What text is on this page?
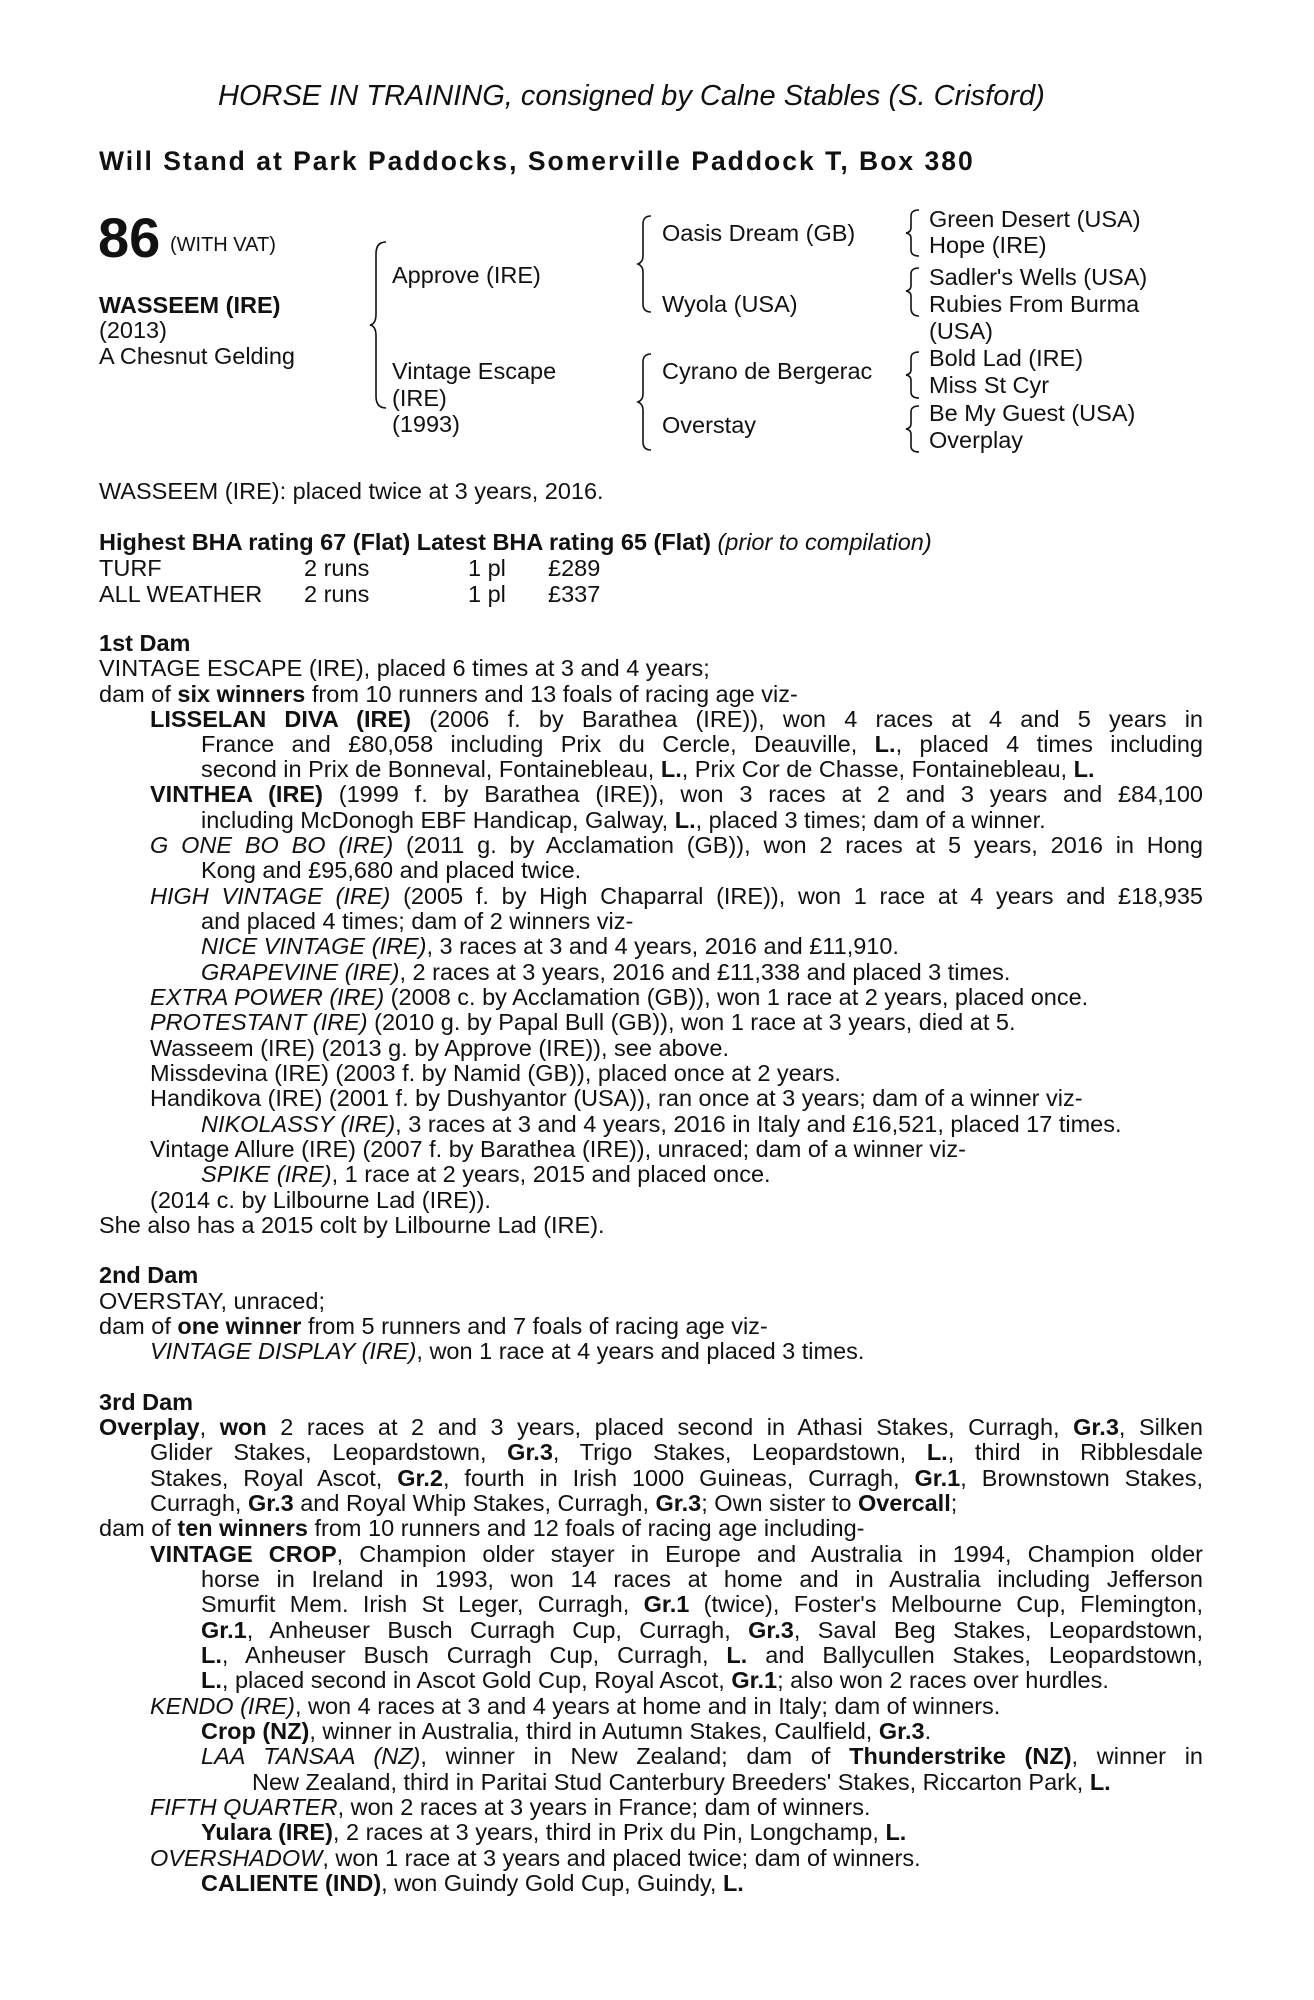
HORSE IN TRAINING, consigned by Calne Stables (S. Crisford)
Will Stand at Park Paddocks, Somerville Paddock T, Box 380
86 (WITH VAT)
WASSEEM (IRE)
(2013)
A Chesnut Gelding
Approve (IRE)
Vintage Escape
(IRE)
(1993)
Oasis Dream (GB)
Wyola (USA)
Cyrano de Bergerac
Overstay
Green Desert (USA)
Hope (IRE)
Sadler's Wells (USA)
Rubies From Burma
(USA)
Bold Lad (IRE)
Miss St Cyr
Be My Guest (USA)
Overplay
WASSEEM (IRE): placed twice at 3 years, 2016.
Highest BHA rating 67 (Flat) Latest BHA rating 65 (Flat) (prior to compilation)
TURF	2 runs	1 pl £289
ALL WEATHER 2 runs	1 pl £337
1st Dam
VINTAGE ESCAPE (IRE), placed 6 times at 3 and 4 years;
dam of six winners from 10 runners and 13 foals of racing age viz-
LISSELAN DIVA (IRE) (2006 f. by Barathea (IRE)), won 4 races at 4 and 5 years in
France and £80,058 including Prix du Cercle, Deauville, L., placed 4 times including
second in Prix de Bonneval, Fontainebleau, L., Prix Cor de Chasse, Fontainebleau, L.
VINTHEA (IRE) (1999 f. by Barathea (IRE)), won 3 races at 2 and 3 years and £84,100
including McDonogh EBF Handicap, Galway, L., placed 3 times; dam of a winner.
G ONE BO BO (IRE) (2011 g. by Acclamation (GB)), won 2 races at 5 years, 2016 in Hong
Kong and £95,680 and placed twice.
HIGH VINTAGE (IRE) (2005 f. by High Chaparral (IRE)), won 1 race at 4 years and £18,935
and placed 4 times; dam of 2 winners viz-
NICE VINTAGE (IRE), 3 races at 3 and 4 years, 2016 and £11,910.
GRAPEVINE (IRE), 2 races at 3 years, 2016 and £11,338 and placed 3 times.
EXTRA POWER (IRE) (2008 c. by Acclamation (GB)), won 1 race at 2 years, placed once.
PROTESTANT (IRE) (2010 g. by Papal Bull (GB)), won 1 race at 3 years, died at 5.
Wasseem (IRE) (2013 g. by Approve (IRE)), see above.
Missdevina (IRE) (2003 f. by Namid (GB)), placed once at 2 years.
Handikova (IRE) (2001 f. by Dushyantor (USA)), ran once at 3 years; dam of a winner viz-
NIKOLASSY (IRE), 3 races at 3 and 4 years, 2016 in Italy and £16,521, placed 17 times.
Vintage Allure (IRE) (2007 f. by Barathea (IRE)), unraced; dam of a winner viz-
SPIKE (IRE), 1 race at 2 years, 2015 and placed once.
(2014 c. by Lilbourne Lad (IRE)).
She also has a 2015 colt by Lilbourne Lad (IRE).
2nd Dam
OVERSTAY, unraced;
dam of one winner from 5 runners and 7 foals of racing age viz-
VINTAGE DISPLAY (IRE), won 1 race at 4 years and placed 3 times.
3rd Dam
Overplay, won 2 races at 2 and 3 years, placed second in Athasi Stakes, Curragh, Gr.3, Silken
Glider Stakes, Leopardstown, Gr.3, Trigo Stakes, Leopardstown, L., third in Ribblesdale
Stakes, Royal Ascot, Gr.2, fourth in Irish 1000 Guineas, Curragh, Gr.1, Brownstown Stakes,
Curragh, Gr.3 and Royal Whip Stakes, Curragh, Gr.3; Own sister to Overcall;
dam of ten winners from 10 runners and 12 foals of racing age including-
VINTAGE CROP, Champion older stayer in Europe and Australia in 1994, Champion older
horse in Ireland in 1993, won 14 races at home and in Australia including Jefferson
Smurfit Mem. Irish St Leger, Curragh, Gr.1 (twice), Foster's Melbourne Cup, Flemington,
Gr.1, Anheuser Busch Curragh Cup, Curragh, Gr.3, Saval Beg Stakes, Leopardstown,
L., Anheuser Busch Curragh Cup, Curragh, L. and Ballycullen Stakes, Leopardstown,
L., placed second in Ascot Gold Cup, Royal Ascot, Gr.1; also won 2 races over hurdles.
KENDO (IRE), won 4 races at 3 and 4 years at home and in Italy; dam of winners.
Crop (NZ), winner in Australia, third in Autumn Stakes, Caulfield, Gr.3.
LAA TANSAA (NZ), winner in New Zealand; dam of Thunderstrike (NZ), winner in
New Zealand, third in Paritai Stud Canterbury Breeders' Stakes, Riccarton Park, L.
FIFTH QUARTER, won 2 races at 3 years in France; dam of winners.
Yulara (IRE), 2 races at 3 years, third in Prix du Pin, Longchamp, L.
OVERSHADOW, won 1 race at 3 years and placed twice; dam of winners.
CALIENTE (IND), won Guindy Gold Cup, Guindy, L.
